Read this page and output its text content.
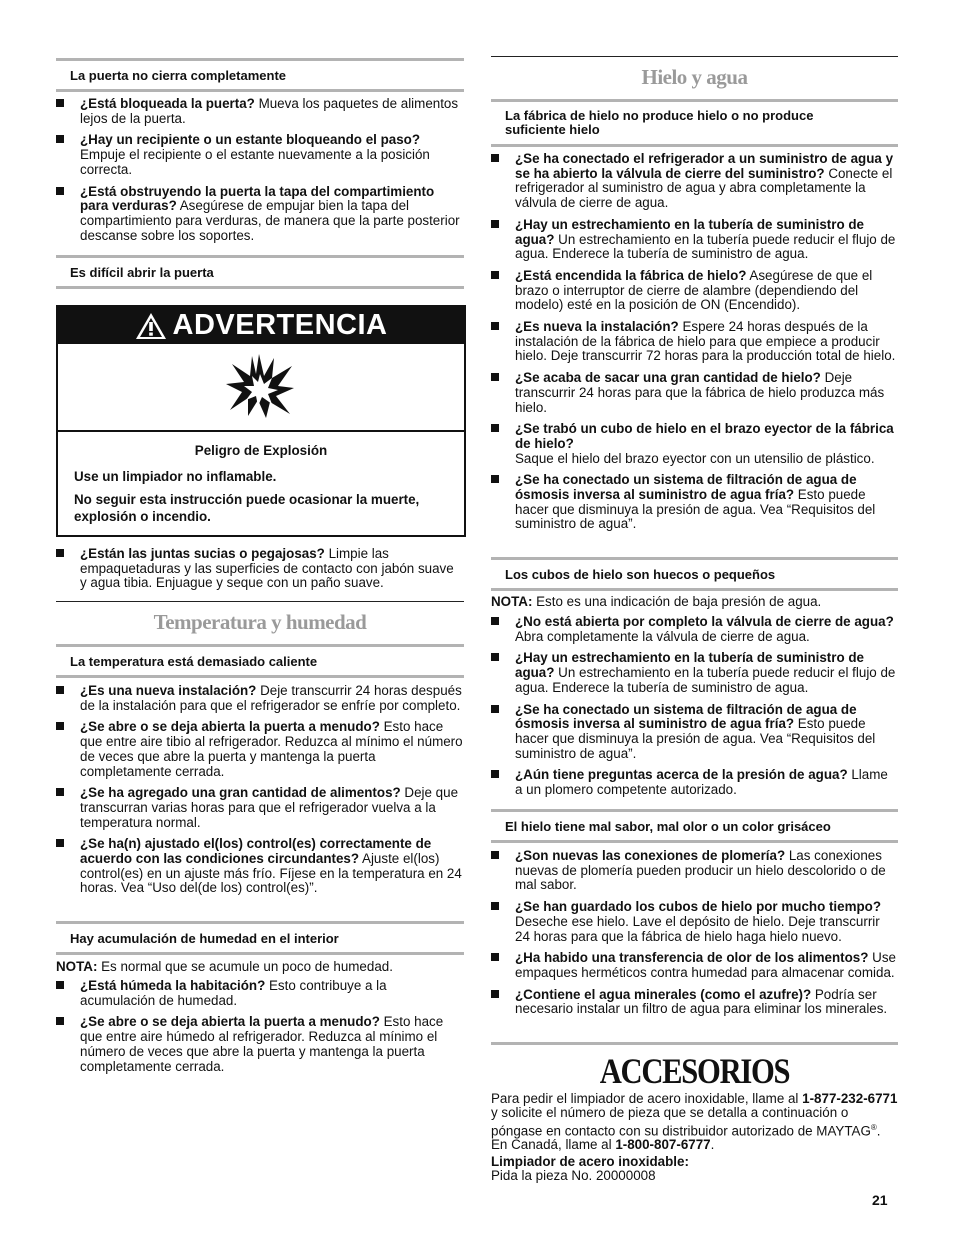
La puerta no cierra completamente

¿Está bloqueada la puerta? Mueva los paquetes de alimentos lejos de la puerta.

¿Hay un recipiente o un estante bloqueando el paso? Empuje el recipiente o el estante nuevamente a la posición correcta.

¿Está obstruyendo la puerta la tapa del compartimiento para verduras? Asegúrese de empujar bien la tapa del compartimiento para verduras, de manera que la parte posterior descanse sobre los soportes.

Es difícil abrir la puerta
ADVERTENCIA
Peligro de Explosión
Use un limpiador no inflamable.
No seguir esta instrucción puede ocasionar la muerte, explosión o incendio.

¿Están las juntas sucias o pegajosas? Limpie las empaquetaduras y las superficies de contacto con jabón suave y agua tibia. Enjuague y seque con un paño suave.

Temperatura y humedad
La temperatura está demasiado caliente

¿Es una nueva instalación? Deje transcurrir 24 horas después de la instalación para que el refrigerador se enfríe por completo.

¿Se abre o se deja abierta la puerta a menudo? Esto hace que entre aire tibio al refrigerador. Reduzca al mínimo el número de veces que abre la puerta y mantenga la puerta completamente cerrada.

¿Se ha agregado una gran cantidad de alimentos? Deje que transcurran varias horas para que el refrigerador vuelva a la temperatura normal.

¿Se ha(n) ajustado el(los) control(es) correctamente de acuerdo con las condiciones circundantes? Ajuste el(los) control(es) en un ajuste más frío. Fíjese en la temperatura en 24 horas. Vea “Uso del(de los) control(es)”.

Hay acumulación de humedad en el interior
NOTA: Es normal que se acumule un poco de humedad.

¿Está húmeda la habitación? Esto contribuye a la acumulación de humedad.

¿Se abre o se deja abierta la puerta a menudo? Esto hace que entre aire húmedo al refrigerador. Reduzca al mínimo el número de veces que abre la puerta y mantenga la puerta completamente cerrada.

Hielo y agua
La fábrica de hielo no produce hielo o no produce suficiente hielo

¿Se ha conectado el refrigerador a un suministro de agua y se ha abierto la válvula de cierre del suministro? Conecte el refrigerador al suministro de agua y abra completamente la válvula de cierre de agua.

¿Hay un estrechamiento en la tubería de suministro de agua? Un estrechamiento en la tubería puede reducir el flujo de agua. Enderece la tubería de suministro de agua.

¿Está encendida la fábrica de hielo? Asegúrese de que el brazo o interruptor de cierre de alambre (dependiendo del modelo) esté en la posición de ON (Encendido).

¿Es nueva la instalación? Espere 24 horas después de la instalación de la fábrica de hielo para que empiece a producir hielo. Deje transcurrir 72 horas para la producción total de hielo.

¿Se acaba de sacar una gran cantidad de hielo? Deje transcurrir 24 horas para que la fábrica de hielo produzca más hielo.

¿Se trabó un cubo de hielo en el brazo eyector de la fábrica de hielo?
Saque el hielo del brazo eyector con un utensilio de plástico.

¿Se ha conectado un sistema de filtración de agua de ósmosis inversa al suministro de agua fría? Esto puede hacer que disminuya la presión de agua. Vea “Requisitos del suministro de agua”.

Los cubos de hielo son huecos o pequeños
NOTA: Esto es una indicación de baja presión de agua.

¿No está abierta por completo la válvula de cierre de agua? Abra completamente la válvula de cierre de agua.

¿Hay un estrechamiento en la tubería de suministro de agua? Un estrechamiento en la tubería puede reducir el flujo de agua. Enderece la tubería de suministro de agua.

¿Se ha conectado un sistema de filtración de agua de ósmosis inversa al suministro de agua fría? Esto puede hacer que disminuya la presión de agua. Vea “Requisitos del suministro de agua”.

¿Aún tiene preguntas acerca de la presión de agua? Llame a un plomero competente autorizado.

El hielo tiene mal sabor, mal olor o un color grisáceo

¿Son nuevas las conexiones de plomería? Las conexiones nuevas de plomería pueden producir un hielo descolorido o de mal sabor.

¿Se han guardado los cubos de hielo por mucho tiempo? Deseche ese hielo. Lave el depósito de hielo. Deje transcurrir 24 horas para que la fábrica de hielo haga hielo nuevo.

¿Ha habido una transferencia de olor de los alimentos? Use empaques herméticos contra humedad para almacenar comida.

¿Contiene el agua minerales (como el azufre)? Podría ser necesario instalar un filtro de agua para eliminar los minerales.

ACCESORIOS
Para pedir el limpiador de acero inoxidable, llame al 1-877-232-6771 y solicite el número de pieza que se detalla a continuación o póngase en contacto con su distribuidor autorizado de MAYTAG®. En Canadá, llame al 1-800-807-6777.
Limpiador de acero inoxidable:
Pida la pieza No. 20000008
21
